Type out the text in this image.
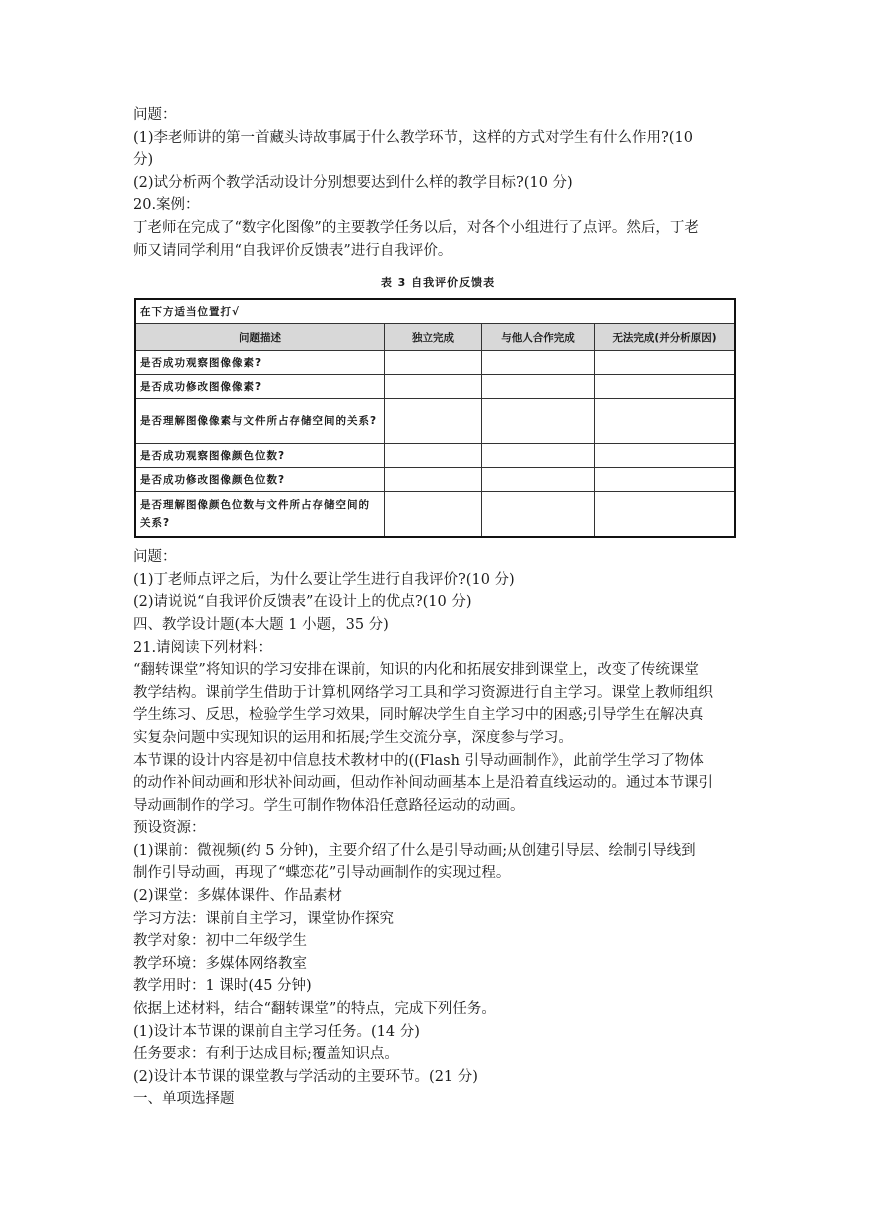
问题：
(1)李老师讲的第一首藏头诗故事属于什么教学环节，这样的方式对学生有什么作用?(10
分)
(2)试分析两个教学活动设计分别想要达到什么样的教学目标?(10 分)
20.案例：
丁老师在完成了“数字化图像”的主要教学任务以后，对各个小组进行了点评。然后，丁老
师又请同学利用“自我评价反馈表”进行自我评价。
表 3 自我评价反馈表
在下方适当位置打√			
问题描述	独立完成	与他人合作完成	无法完成(并分析原因)
是否成功观察图像像素?			
是否成功修改图像像素?			
是否理解图像像素与文件所占存储空间的关系?			
是否成功观察图像颜色位数?			
是否成功修改图像颜色位数?			
是否理解图像颜色位数与文件所占存储空间的关系?			
问题：
(1)丁老师点评之后，为什么要让学生进行自我评价?(10 分)
(2)请说说“自我评价反馈表”在设计上的优点?(10 分)
四、教学设计题(本大题 1 小题，35 分)
21.请阅读下列材料：
“翻转课堂”将知识的学习安排在课前，知识的内化和拓展安排到课堂上，改变了传统课堂
教学结构。课前学生借助于计算机网络学习工具和学习资源进行自主学习。课堂上教师组织
学生练习、反思，检验学生学习效果，同时解决学生自主学习中的困惑;引导学生在解决真
实复杂问题中实现知识的运用和拓展;学生交流分享，深度参与学习。
本节课的设计内容是初中信息技术教材中的((Flash 引导动画制作》，此前学生学习了物体
的动作补间动画和形状补间动画，但动作补间动画基本上是沿着直线运动的。通过本节课引
导动画制作的学习。学生可制作物体沿任意路径运动的动画。
预设资源：
(1)课前：微视频(约 5 分钟)，主要介绍了什么是引导动画;从创建引导层、绘制引导线到
制作引导动画，再现了“蝶恋花”引导动画制作的实现过程。
(2)课堂：多媒体课件、作品素材
学习方法：课前自主学习，课堂协作探究
教学对象：初中二年级学生
教学环境：多媒体网络教室
教学用时：1 课时(45 分钟)
依据上述材料，结合“翻转课堂”的特点，完成下列任务。
(1)设计本节课的课前自主学习任务。(14 分)
任务要求：有利于达成目标;覆盖知识点。
(2)设计本节课的课堂教与学活动的主要环节。(21 分)
一、单项选择题
